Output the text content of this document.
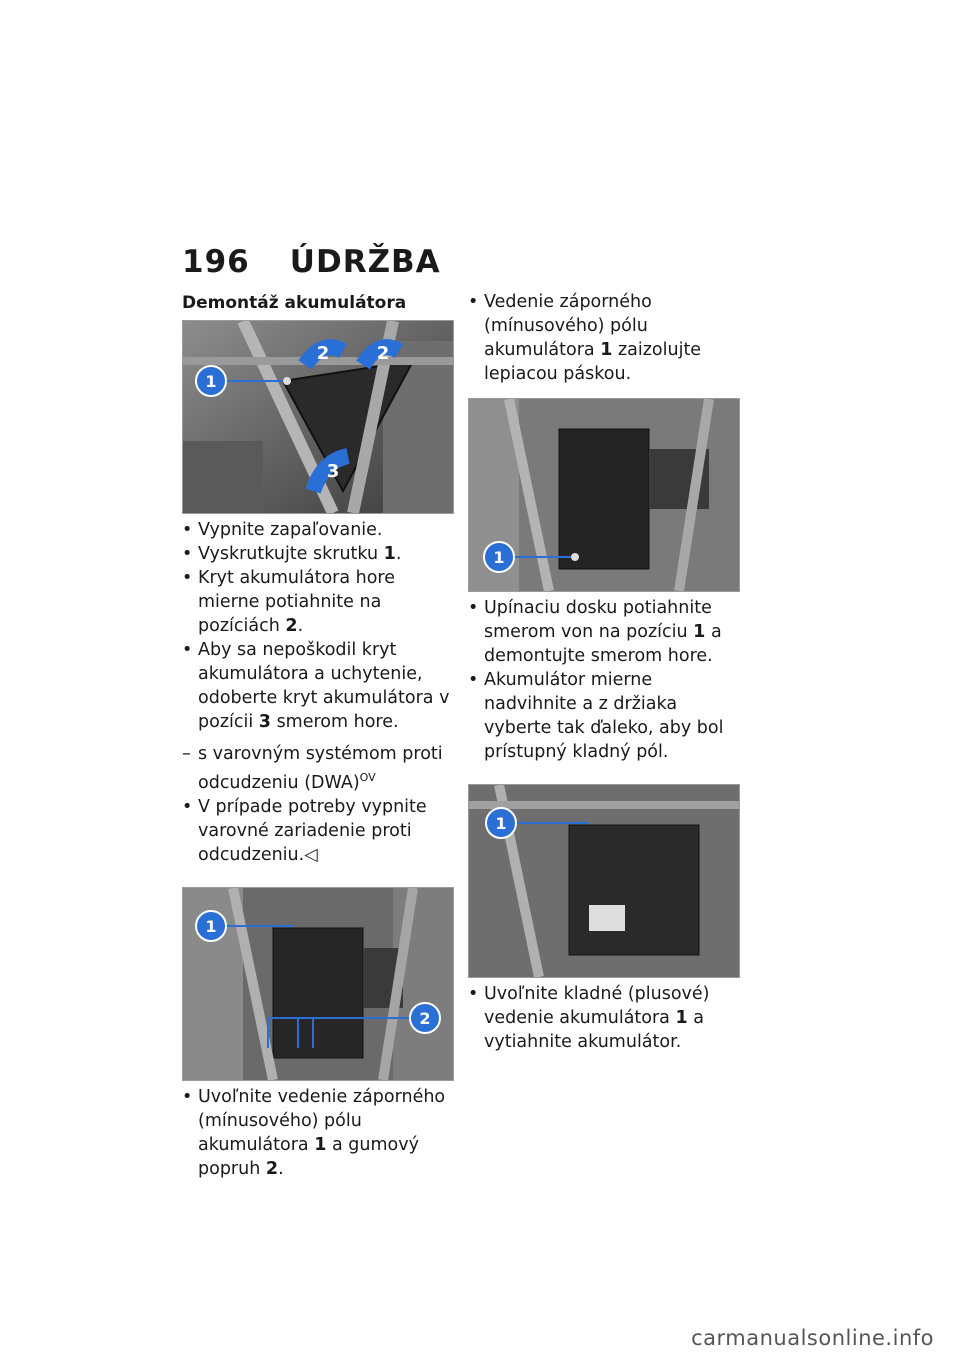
196 ÚDRŽBA
Demontáž akumulátora
1
2	2
3
• Vypnite zapaľovanie.
• Vyskrutkujte skrutku 1.
• Kryt akumulátora hore mierne potiahnite na pozíciách 2.
• Aby sa nepoškodil kryt akumulátora a uchytenie, odoberte kryt akumulátora v pozícii 3 smerom hore.
– s varovným systémom proti odcudzeniu (DWA)$^{OV}$
• V prípade potreby vypnite varovné zariadenie proti odcudzeniu.◁
1
2
• Uvoľnite vedenie záporného (mínusového) pólu akumulátora 1 a gumový popruh 2.
• Vedenie záporného (mínusového) pólu akumulátora 1 zaizolujte lepiacou páskou.
1
• Upínaciu dosku potiahnite smerom von na pozíciu 1 a demontujte smerom hore.
• Akumulátor mierne nadvihnite a z držiaka vyberte tak ďaleko, aby bol prístupný kladný pól.
1
• Uvoľnite kladné (plusové) vedenie akumulátora 1 a vytiahnite akumulátor.
carmanualsonline.info
